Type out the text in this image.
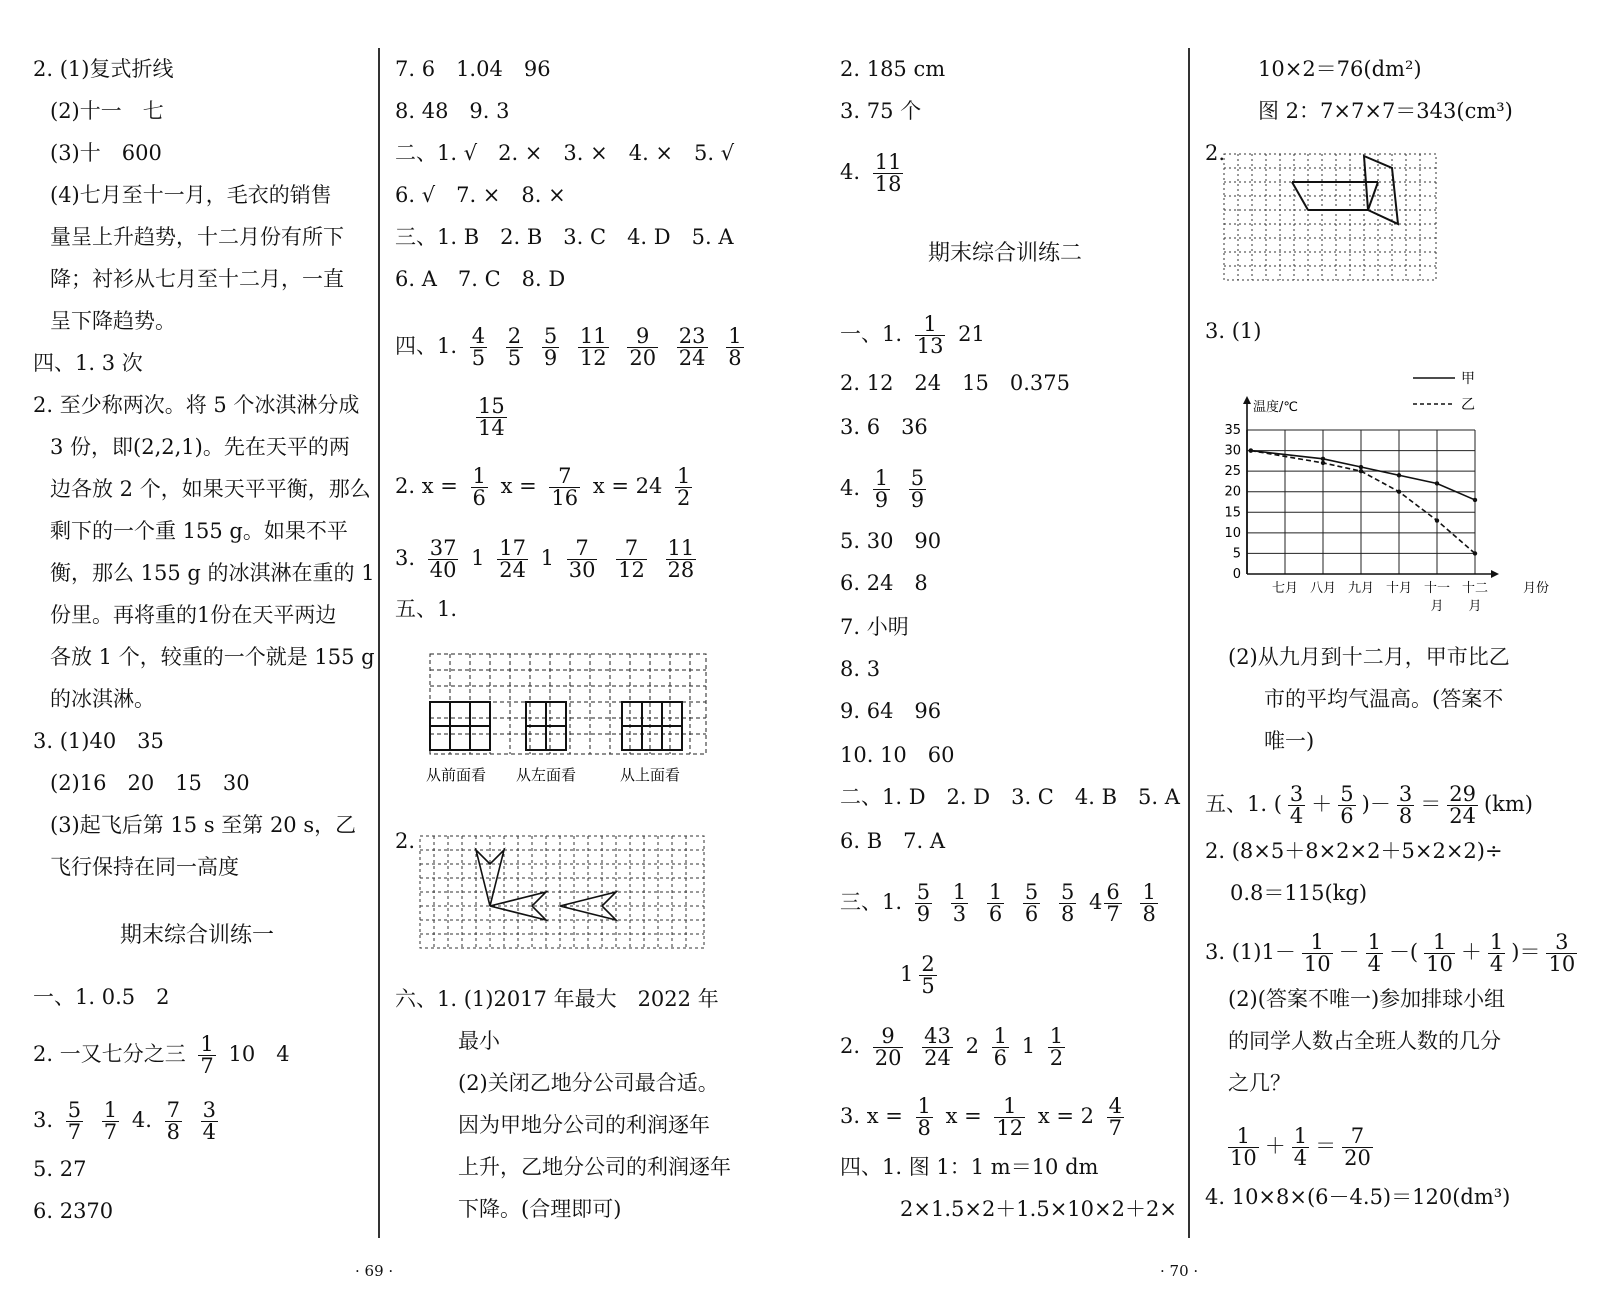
2. (1)复式折线
(2)十一　七
(3)十　600
(4)七月至十一月，毛衣的销售
量呈上升趋势，十二月份有所下
降；衬衫从七月至十二月，一直
呈下降趋势。
四、1. 3 次
2. 至少称两次。将 5 个冰淇淋分成
3 份，即(2,2,1)。先在天平的两
边各放 2 个，如果天平平衡，那么
剩下的一个重 155 g。如果不平
衡，那么 155 g 的冰淇淋在重的 1
份里。再将重的1份在天平两边
各放 1 个，较重的一个就是 155 g
的冰淇淋。
3. (1)40　35
(2)16　20　15　30
(3)起飞后第 15 s 至第 20 s，乙
飞行保持在同一高度
期末综合训练一
一、1. 0.5　2
2. 一又七分之三 $\frac{1}{7} 10$　4
3. $\frac{5}{7}$
$\frac{1}{7} 4$. $\frac{7}{8}$
$\frac{3}{4}$
5. 27
6. 2370
7. 6　1.04　96
8. 48　9. 3
二、1. √　2. ×　3. ×　4. ×　5. √
6. √　7. ×　8. ×
三、1. B　2. B　3. C　4. D　5. A
6. A　7. C　8. D
四、1. $\frac{4}{5}$
$\frac{2}{5}$
$\frac{5}{9}$
$\frac{11}{12}$
$\frac{9}{20}$
$\frac{23}{24}$
$\frac{1}{8}$
$\frac{15}{14}$
2. $x = \frac{1}{6}$ $x = \frac{7}{16}$ $x = 24 \frac{1}{2}$
3. $\frac{37}{40} 1 \frac{17}{24} 1 \frac{7}{30}$
$\frac{7}{12}$
$\frac{11}{28}$
五、1.
从前面看 从左面看	从上面看
2.
六、1. (1)2017 年最大　2022 年
最小
(2)关闭乙地分公司最合适。
因为甲地分公司的利润逐年
上升，乙地分公司的利润逐年
下降。(合理即可)
· 69 ·
2. 185 cm
3. 75 个
4. $\frac{11}{18}$
期末综合训练二
一、1. $\frac{1}{13} 21$
2. 12　24　15　0.375
3. 6　36
4. $\frac{1}{9}$
$\frac{5}{9}$
5. 30　90
6. 24　8
7. 小明
8. 3
9. 64　96
10. 10　60
二、1. D　2. D　3. C　4. B　5. A
6. B　7. A
三、1. $\frac{5}{9}$
$\frac{1}{3}$
$\frac{1}{6}$
$\frac{5}{6}$
$\frac{5}{8} 4 \frac{6}{7}$
$\frac{1}{8}$
$1 \frac{2}{5}$
2. $\frac{9}{20}$
$\frac{43}{24} 2 \frac{1}{6} 1 \frac{1}{2}$
3. $x = \frac{1}{8}$ $x = \frac{1}{12}$ $x = 2 \frac{4}{7}$
四、1. 图 1：1 m＝10 dm
2×1.5×2＋1.5×10×2＋2×
· 70 ·
10×2＝76(dm²)
图 2：7×7×7＝343(cm³)
2.
3. (1)
甲
乙
温度/℃
0
5
10
15
20
25
30
35
七月 八月 九月 十月 十一
月
十二
月
月份
(2)从九月到十二月，甲市比乙
市的平均气温高。(答案不
唯一)
五、1. ( $\frac{3}{4} + \frac{5}{6}$ )－ $\frac{3}{8} = \frac{29}{24} (km)$
2. (8×5＋8×2×2＋5×2×2)÷
0.8＝115(kg)
3. $(1)1- \frac{1}{10} - \frac{1}{4}$ －( $\frac{1}{10} + \frac{1}{4}$ )＝ $\frac{3}{10}$
(2)(答案不唯一)参加排球小组
的同学人数占全班人数的几分
之几？
$\frac{1}{10} + \frac{1}{4} = \frac{7}{20}$
4. 10×8×(6－4.5)＝120(dm³)
